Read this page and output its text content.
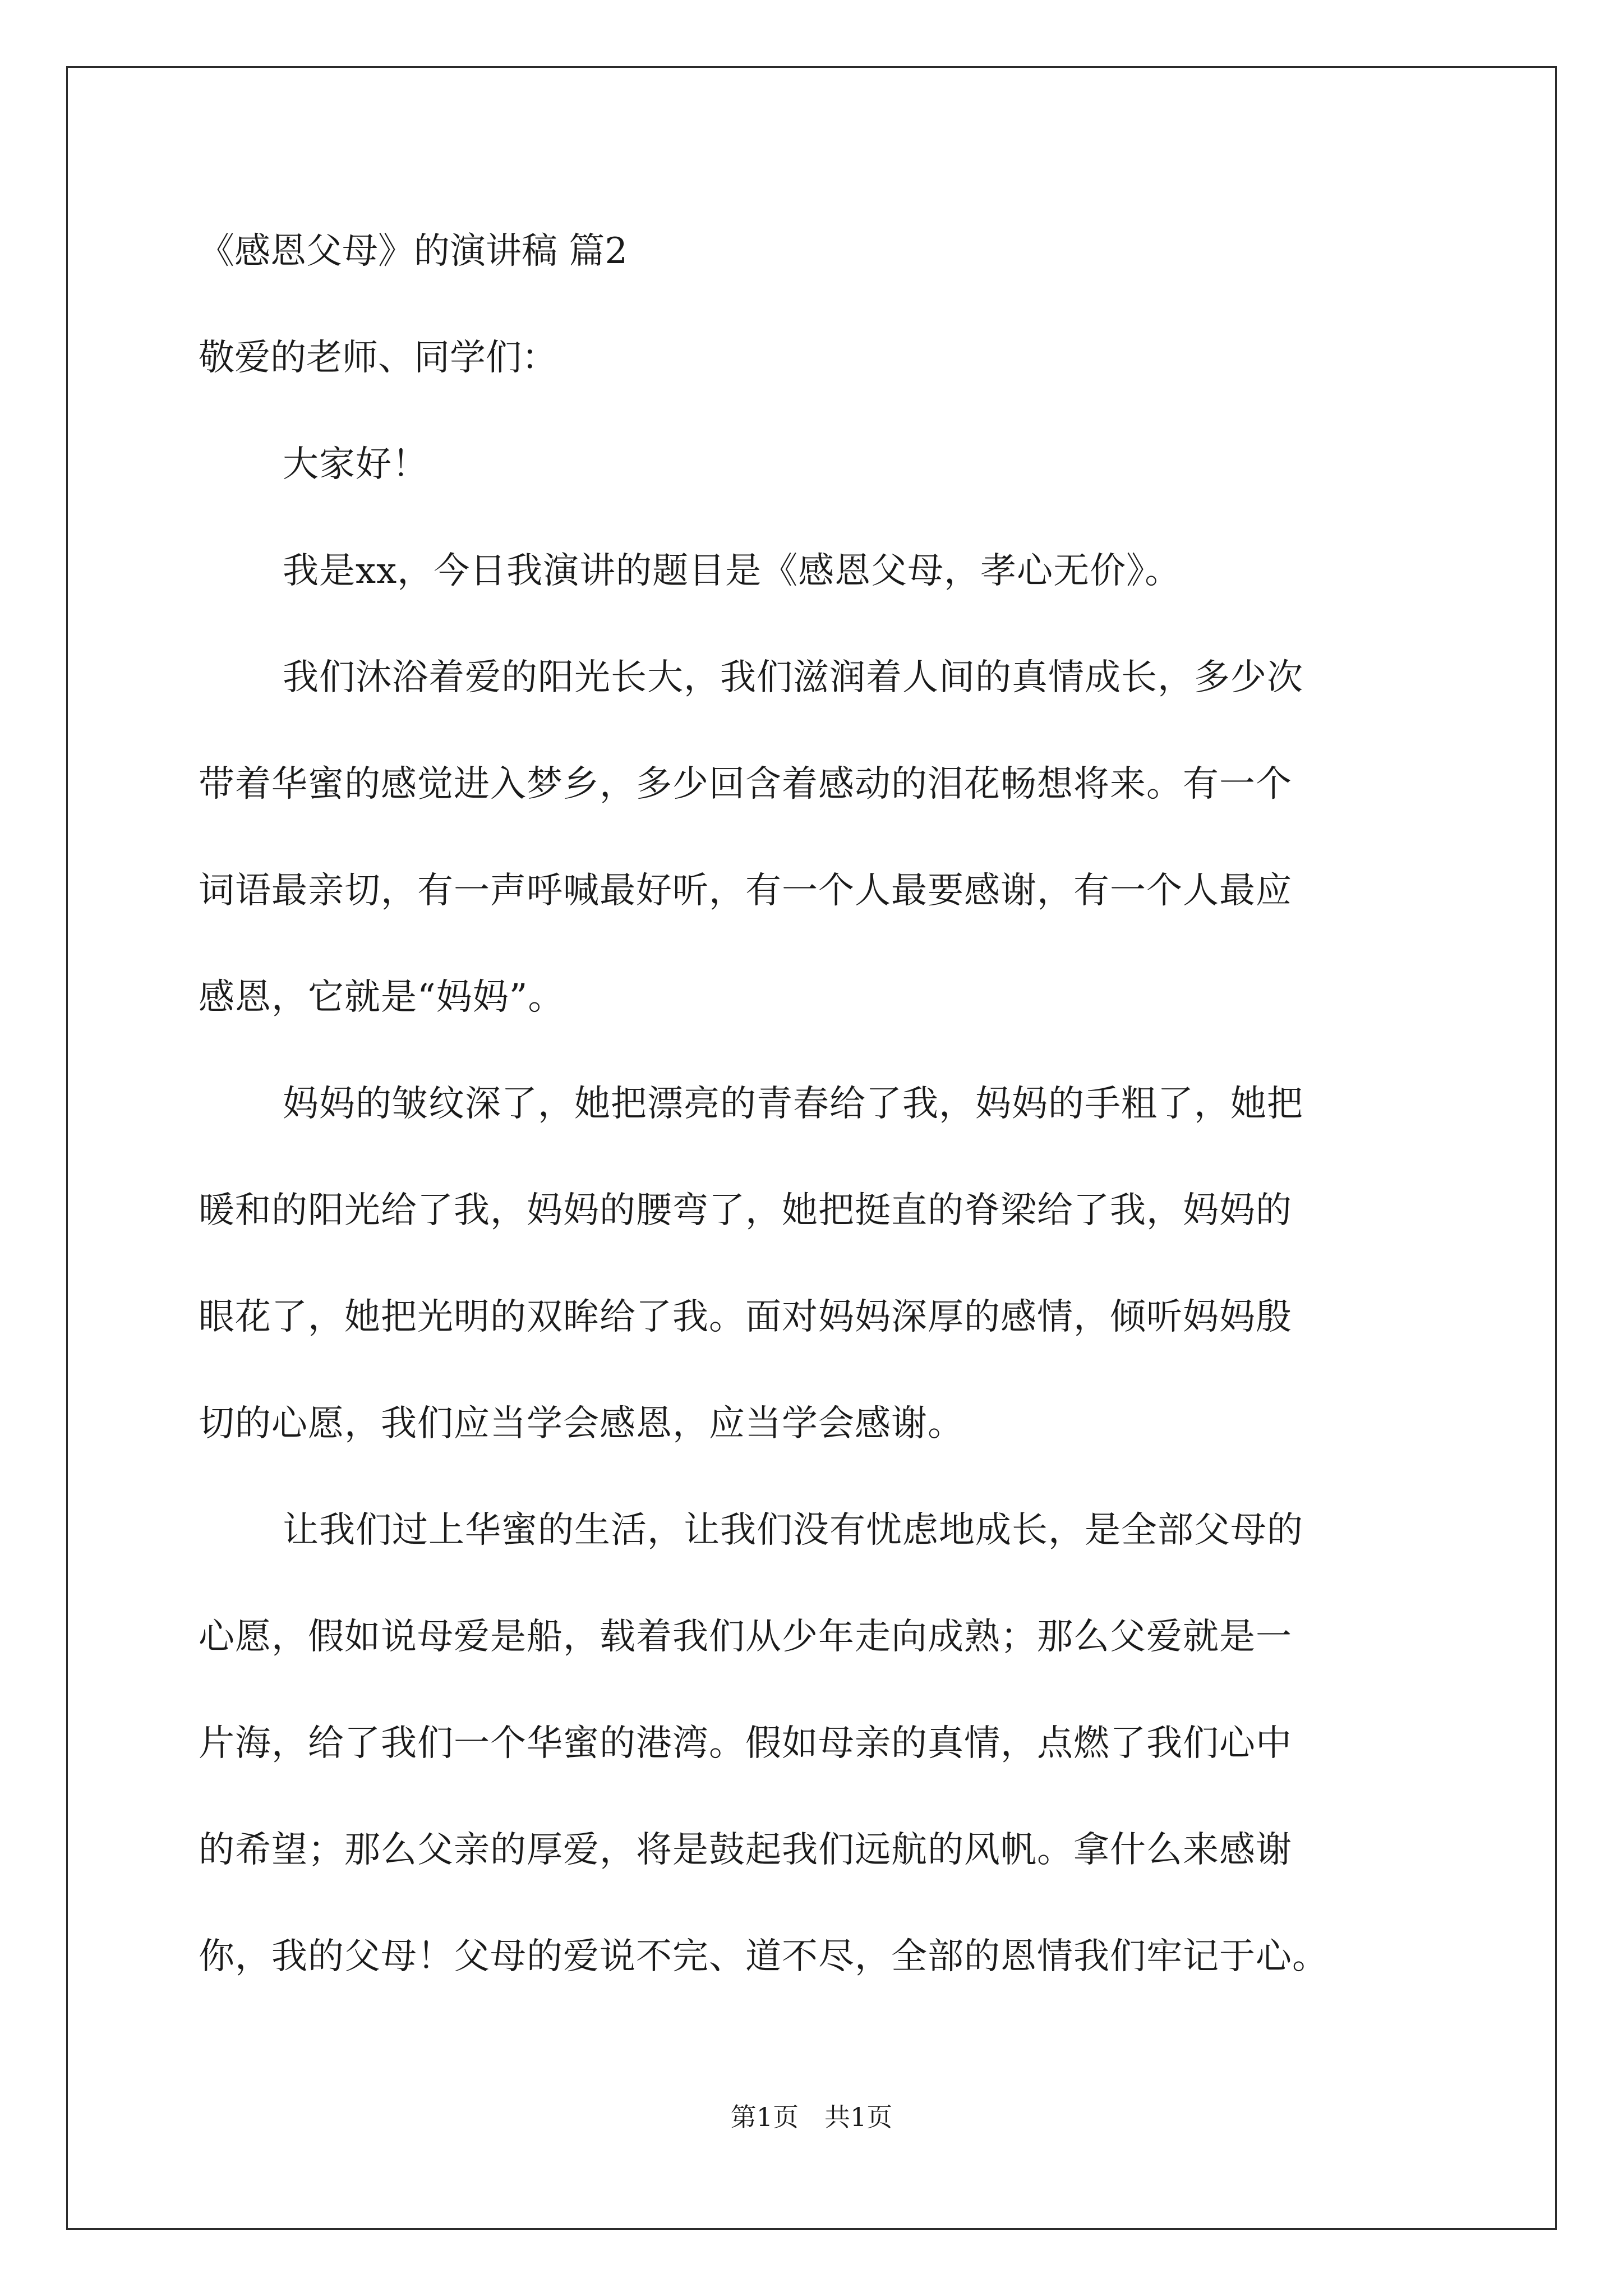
《感恩父母》的演讲稿 篇2
敬爱的老师、同学们：
大家好！
我是xx，今日我演讲的题目是《感恩父母，孝心无价》。
我们沐浴着爱的阳光长大，我们滋润着人间的真情成长，多少次
带着华蜜的感觉进入梦乡，多少回含着感动的泪花畅想将来。有一个
词语最亲切，有一声呼喊最好听，有一个人最要感谢，有一个人最应
感恩，它就是“妈妈”。
妈妈的皱纹深了，她把漂亮的青春给了我，妈妈的手粗了，她把
暖和的阳光给了我，妈妈的腰弯了，她把挺直的脊梁给了我，妈妈的
眼花了，她把光明的双眸给了我。面对妈妈深厚的感情，倾听妈妈殷
切的心愿，我们应当学会感恩，应当学会感谢。
让我们过上华蜜的生活，让我们没有忧虑地成长，是全部父母的
心愿，假如说母爱是船，载着我们从少年走向成熟；那么父爱就是一
片海，给了我们一个华蜜的港湾。假如母亲的真情，点燃了我们心中
的希望；那么父亲的厚爱，将是鼓起我们远航的风帆。拿什么来感谢
你，我的父母！父母的爱说不完、道不尽，全部的恩情我们牢记于心。
第1页　共1页
